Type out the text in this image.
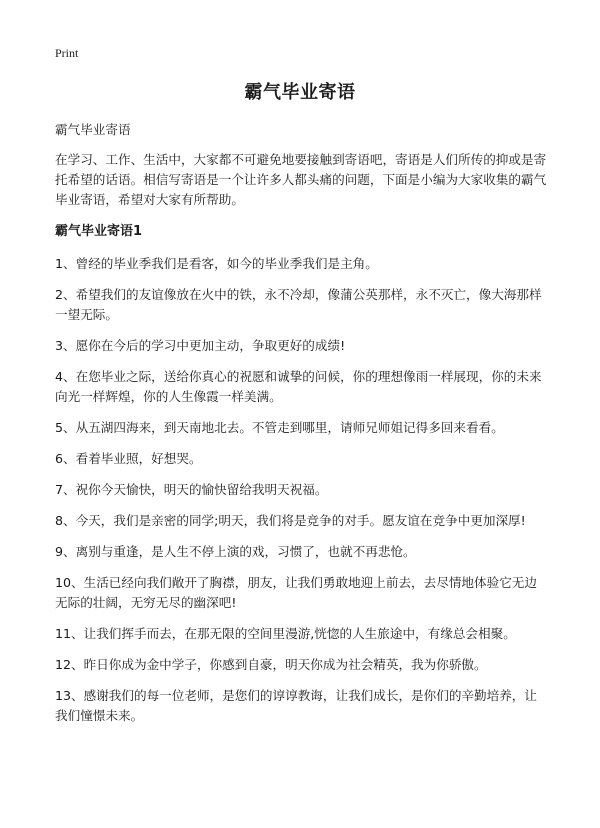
Print
霸气毕业寄语

霸气毕业寄语

在学习、工作、生活中，大家都不可避免地要接触到寄语吧，寄语是人们所传的抑或是寄托希望的话语。相信写寄语是一个让许多人都头痛的问题，下面是小编为大家收集的霸气毕业寄语，希望对大家有所帮助。

霸气毕业寄语1

1、曾经的毕业季我们是看客，如今的毕业季我们是主角。

2、希望我们的友谊像放在火中的铁，永不冷却，像蒲公英那样，永不灭亡，像大海那样一望无际。

3、愿你在今后的学习中更加主动，争取更好的成绩!

4、在您毕业之际，送给你真心的祝愿和诚挚的问候，你的理想像雨一样展现，你的未来向光一样辉煌，你的人生像霞一样美满。

5、从五湖四海来，到天南地北去。不管走到哪里，请师兄师姐记得多回来看看。

6、看着毕业照，好想哭。

7、祝你今天愉快，明天的愉快留给我明天祝福。

8、今天，我们是亲密的同学;明天，我们将是竞争的对手。愿友谊在竞争中更加深厚!

9、离别与重逢，是人生不停上演的戏，习惯了，也就不再悲怆。

10、生活已经向我们敞开了胸襟，朋友，让我们勇敢地迎上前去，去尽情地体验它无边无际的壮阔，无穷无尽的幽深吧!

11、让我们挥手而去，在那无限的空间里漫游,恍惚的人生旅途中，有缘总会相聚。

12、昨日你成为金中学子，你感到自豪，明天你成为社会精英，我为你骄傲。

13、感谢我们的每一位老师，是您们的谆谆教诲，让我们成长，是你们的辛勤培养，让我们憧憬未来。
